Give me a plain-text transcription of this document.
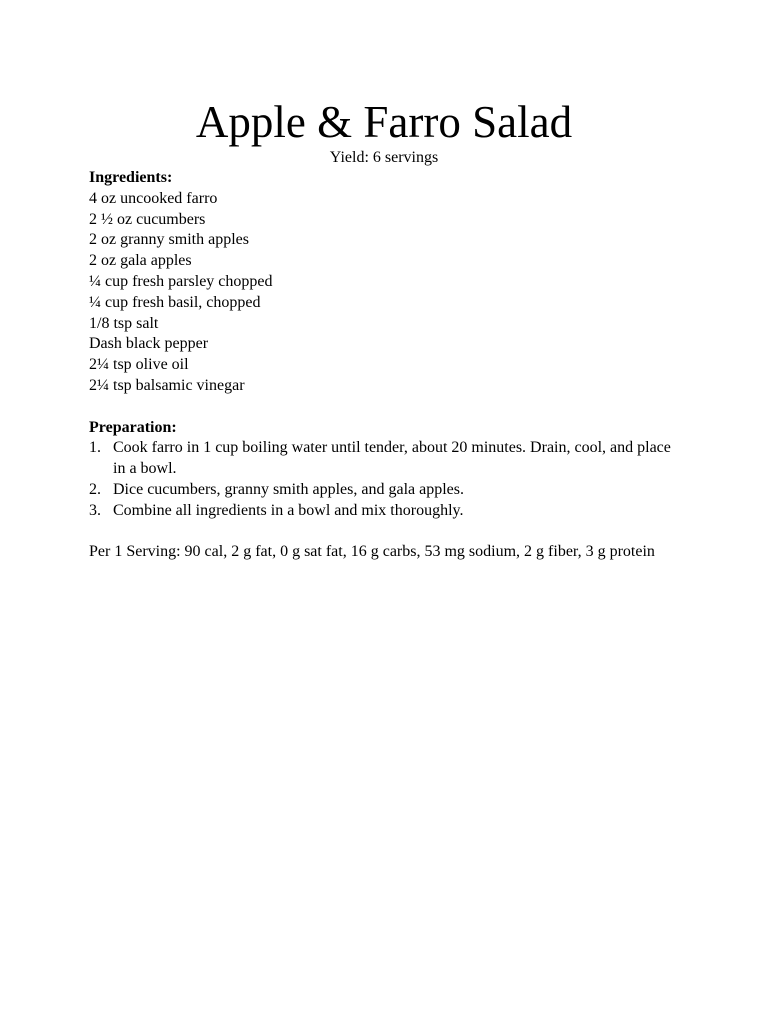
Apple & Farro Salad
Yield: 6 servings
Ingredients:
4 oz uncooked farro
2 ½ oz cucumbers
2 oz granny smith apples
2 oz gala apples
¼ cup fresh parsley chopped
¼ cup fresh basil, chopped
1/8 tsp salt
Dash black pepper
2¼ tsp olive oil
2¼ tsp balsamic vinegar
Preparation:
1. Cook farro in 1 cup boiling water until tender, about 20 minutes. Drain, cool, and place in a bowl.
2. Dice cucumbers, granny smith apples, and gala apples.
3. Combine all ingredients in a bowl and mix thoroughly.
Per 1 Serving: 90 cal, 2 g fat, 0 g sat fat, 16 g carbs, 53 mg sodium, 2 g fiber, 3 g protein
